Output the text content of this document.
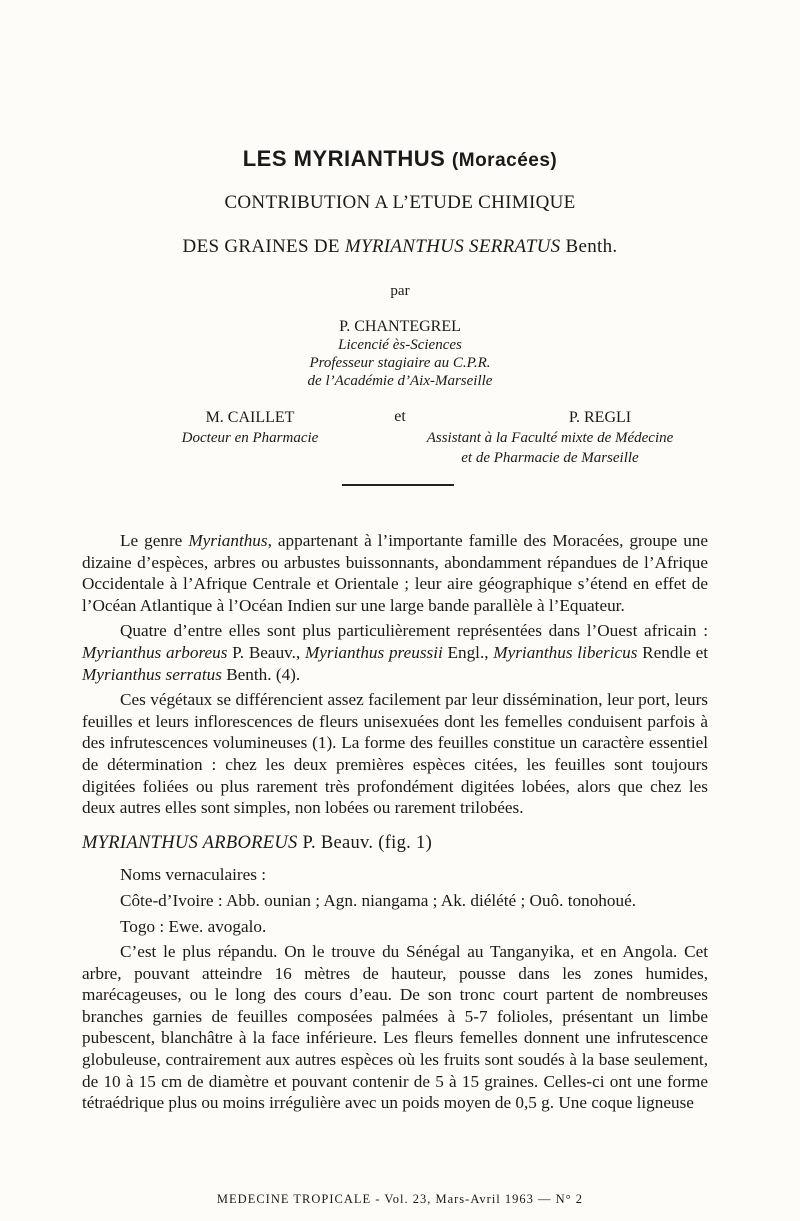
LES MYRIANTHUS (Moracées)
CONTRIBUTION A L’ETUDE CHIMIQUE
DES GRAINES DE MYRIANTHUS SERRATUS Benth.
par
P. CHANTEGREL
Licencié ès-Sciences
Professeur stagiaire au C.P.R.
de l’Académie d’Aix-Marseille
M. CAILLET
Docteur en Pharmacie
et	P. REGLI
Assistant à la Faculté mixte de Médecine
et de Pharmacie de Marseille

Le genre Myrianthus, appartenant à l’importante famille des Moracées, groupe une dizaine d’espèces, arbres ou arbustes buissonnants, abondamment répandues de l’Afrique Occidentale à l’Afrique Centrale et Orientale ; leur aire géographique s’étend en effet de l’Océan Atlantique à l’Océan Indien sur une large bande parallèle à l’Equateur.

Quatre d’entre elles sont plus particulièrement représentées dans l’Ouest africain : Myrianthus arboreus P. Beauv., Myrianthus preussii Engl., Myrianthus libericus Rendle et Myrianthus serratus Benth. (4).

Ces végétaux se différencient assez facilement par leur dissémination, leur port, leurs feuilles et leurs inflorescences de fleurs unisexuées dont les femelles conduisent parfois à des infrutescences volumineuses (1). La forme des feuilles constitue un caractère essentiel de détermination : chez les deux premières espèces citées, les feuilles sont toujours digitées foliées ou plus rarement très profondément digitées lobées, alors que chez les deux autres elles sont simples, non lobées ou rarement trilobées.

MYRIANTHUS ARBOREUS P. Beauv. (fig. 1)

Noms vernaculaires :

Côte-d’Ivoire : Abb. ounian ; Agn. niangama ; Ak. diélété ; Ouô. tonohoué.

Togo : Ewe. avogalo.

C’est le plus répandu. On le trouve du Sénégal au Tanganyika, et en Angola. Cet arbre, pouvant atteindre 16 mètres de hauteur, pousse dans les zones humides, marécageuses, ou le long des cours d’eau. De son tronc court partent de nombreuses branches garnies de feuilles composées palmées à 5-7 folioles, présentant un limbe pubescent, blanchâtre à la face inférieure. Les fleurs femelles donnent une infrutescence globuleuse, contrairement aux autres espèces où les fruits sont soudés à la base seulement, de 10 à 15 cm de diamètre et pouvant contenir de 5 à 15 graines. Celles-ci ont une forme tétraédrique plus ou moins irrégulière avec un poids moyen de 0,5 g. Une coque ligneuse

MEDECINE TROPICALE - Vol. 23, Mars-Avril 1963 — N° 2
